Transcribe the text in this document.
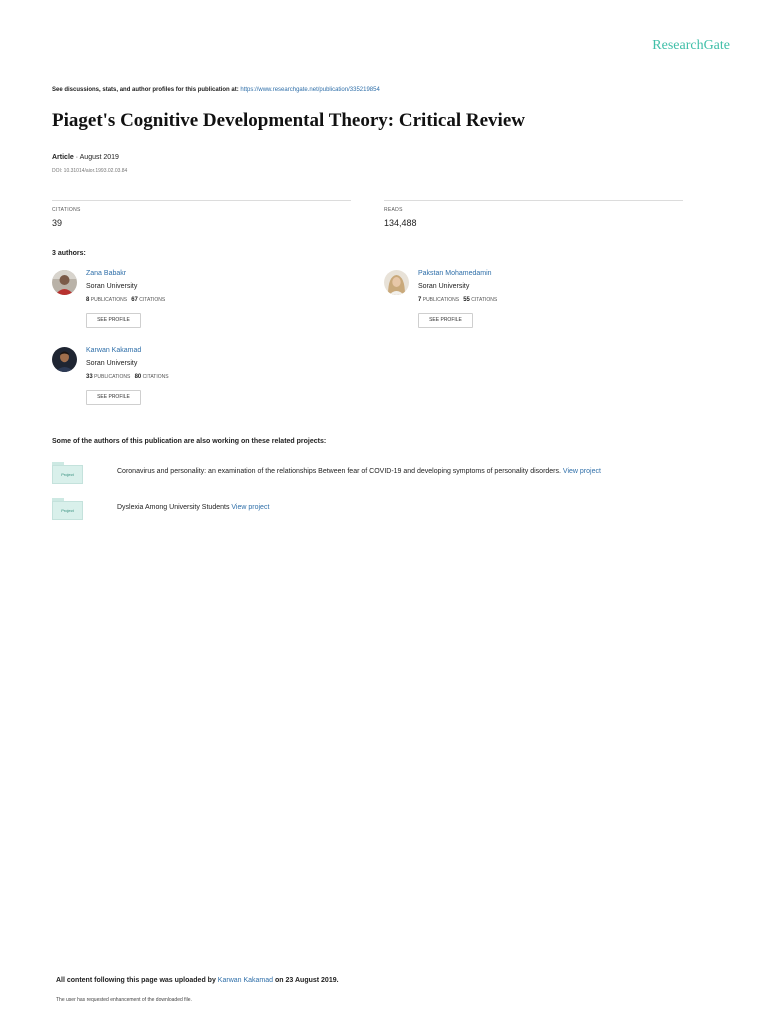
ResearchGate
See discussions, stats, and author profiles for this publication at: https://www.researchgate.net/publication/335219854
Piaget's Cognitive Developmental Theory: Critical Review
Article · August 2019
DOI: 10.31014/aior.1993.02.03.84
CITATIONS
39
READS
134,488
3 authors:
Zana Babakr
Soran University
8 PUBLICATIONS 67 CITATIONS
SEE PROFILE
Pakstan Mohamedamin
Soran University
7 PUBLICATIONS 55 CITATIONS
SEE PROFILE
Karwan Kakamad
Soran University
33 PUBLICATIONS 80 CITATIONS
SEE PROFILE
Some of the authors of this publication are also working on these related projects:
Project	Coronavirus and personality: an examination of the relationships Between fear of COVID-19 and developing symptoms of personality disorders. View project
Project	Dyslexia Among University Students View project
All content following this page was uploaded by Karwan Kakamad on 23 August 2019.
The user has requested enhancement of the downloaded file.
